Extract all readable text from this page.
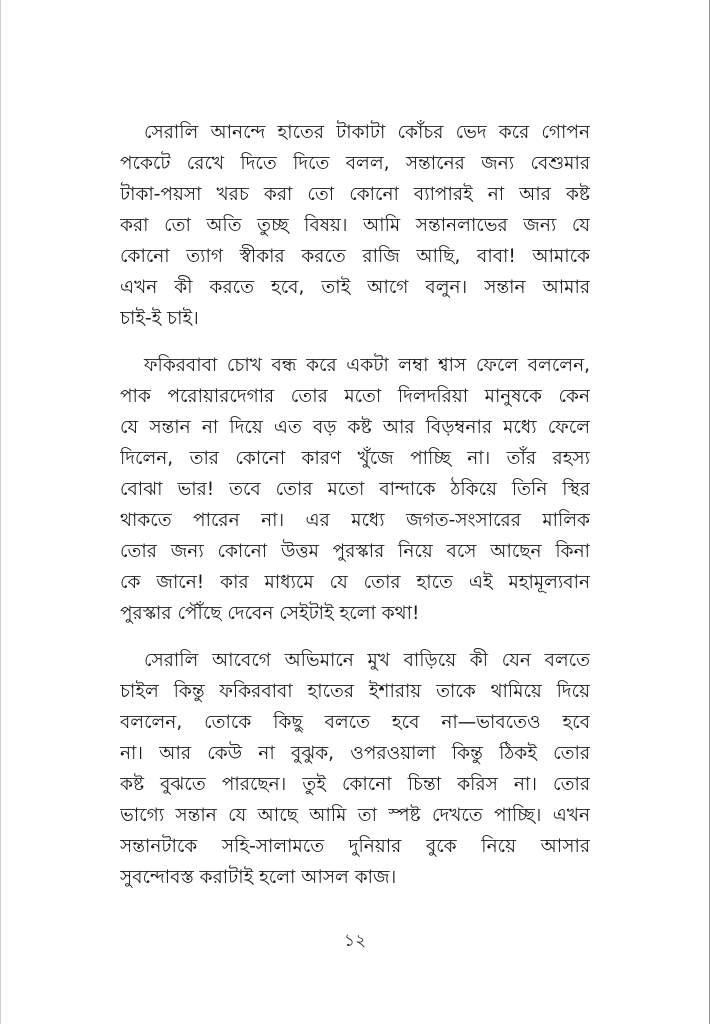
সেরালি আনন্দে হাতের টাকাটা কোঁচর ভেদ করে গোপন
পকেটে রেখে দিতে দিতে বলল, সন্তানের জন্য বেশুমার
টাকা-পয়সা খরচ করা তো কোনো ব্যাপারই না আর কষ্ট
করা তো অতি তুচ্ছ বিষয়। আমি সন্তানলাভের জন্য যে
কোনো ত্যাগ স্বীকার করতে রাজি আছি, বাবা! আমাকে
এখন কী করতে হবে, তাই আগে বলুন। সন্তান আমার
চাই-ই চাই।

ফকিরবাবা চোখ বন্ধ করে একটা লম্বা শ্বাস ফেলে বললেন,
পাক পরোয়ারদেগার তোর মতো দিলদরিয়া মানুষকে কেন
যে সন্তান না দিয়ে এত বড় কষ্ট আর বিড়ম্বনার মধ্যে ফেলে
দিলেন, তার কোনো কারণ খুঁজে পাচ্ছি না। তাঁর রহস্য
বোঝা ভার! তবে তোর মতো বান্দাকে ঠকিয়ে তিনি স্থির
থাকতে পারেন না। এর মধ্যে জগত-সংসারের মালিক
তোর জন্য কোনো উত্তম পুরস্কার নিয়ে বসে আছেন কিনা
কে জানে! কার মাধ্যমে যে তোর হাতে এই মহামূল্যবান
পুরস্কার পৌঁছে দেবেন সেইটাই হলো কথা!

সেরালি আবেগে অভিমানে মুখ বাড়িয়ে কী যেন বলতে
চাইল কিন্তু ফকিরবাবা হাতের ইশারায় তাকে থামিয়ে দিয়ে
বললেন, তোকে কিছু বলতে হবে না—ভাবতেও হবে
না। আর কেউ না বুঝুক, ওপরওয়ালা কিন্তু ঠিকই তোর
কষ্ট বুঝতে পারছেন। তুই কোনো চিন্তা করিস না। তোর
ভাগ্যে সন্তান যে আছে আমি তা স্পষ্ট দেখতে পাচ্ছি। এখন
সন্তানটাকে সহি-সালামতে দুনিয়ার বুকে নিয়ে আসার
সুবন্দোবস্ত করাটাই হলো আসল কাজ।

১২
